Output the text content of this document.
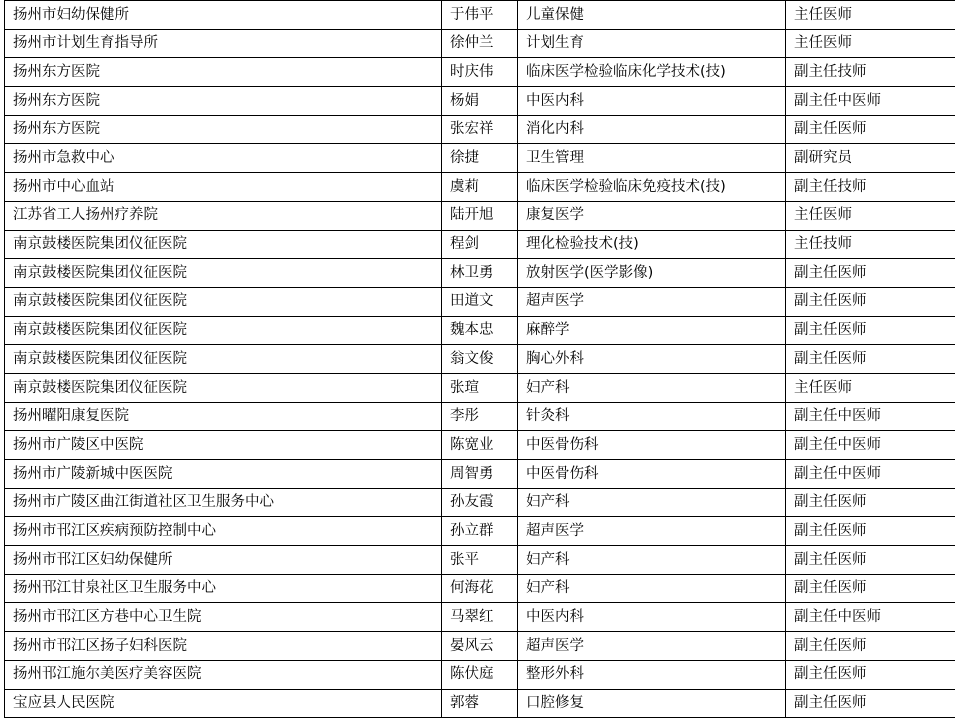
扬州市妇幼保健所	于伟平	儿童保健	主任医师
扬州市计划生育指导所	徐仲兰	计划生育	主任医师
扬州东方医院	时庆伟	临床医学检验临床化学技术(技)	副主任技师
扬州东方医院	杨娟	中医内科	副主任中医师
扬州东方医院	张宏祥	消化内科	副主任医师
扬州市急救中心	徐捷	卫生管理	副研究员
扬州市中心血站	虞莉	临床医学检验临床免疫技术(技)	副主任技师
江苏省工人扬州疗养院	陆开旭	康复医学	主任医师
南京鼓楼医院集团仪征医院	程剑	理化检验技术(技)	主任技师
南京鼓楼医院集团仪征医院	林卫勇	放射医学(医学影像)	副主任医师
南京鼓楼医院集团仪征医院	田道文	超声医学	副主任医师
南京鼓楼医院集团仪征医院	魏本忠	麻醉学	副主任医师
南京鼓楼医院集团仪征医院	翁文俊	胸心外科	副主任医师
南京鼓楼医院集团仪征医院	张瑄	妇产科	主任医师
扬州曜阳康复医院	李彤	针灸科	副主任中医师
扬州市广陵区中医院	陈宽业	中医骨伤科	副主任中医师
扬州市广陵新城中医医院	周智勇	中医骨伤科	副主任中医师
扬州市广陵区曲江街道社区卫生服务中心	孙友霞	妇产科	副主任医师
扬州市邗江区疾病预防控制中心	孙立群	超声医学	副主任医师
扬州市邗江区妇幼保健所	张平	妇产科	副主任医师
扬州邗江甘泉社区卫生服务中心	何海花	妇产科	副主任医师
扬州市邗江区方巷中心卫生院	马翠红	中医内科	副主任中医师
扬州市邗江区扬子妇科医院	晏风云	超声医学	副主任医师
扬州邗江施尔美医疗美容医院	陈伏庭	整形外科	副主任医师
宝应县人民医院	郭蓉	口腔修复	副主任医师
